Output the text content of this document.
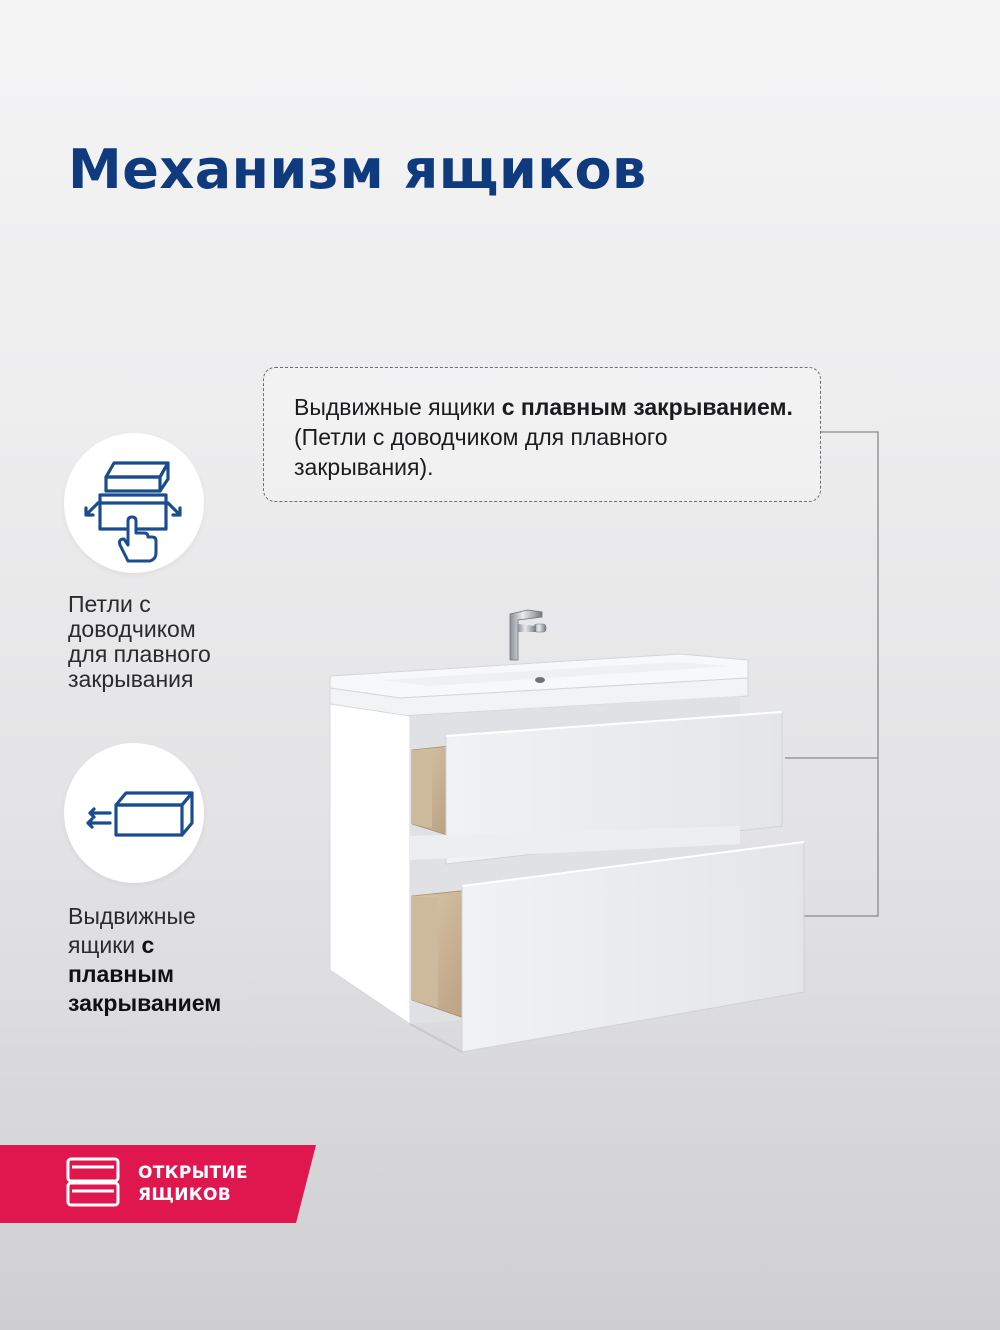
Механизм ящиков
Выдвижные ящики с плавным закрыванием. (Петли с доводчиком для плавного закрывания).
Петли с
доводчиком
для плавного
закрывания
Выдвижные
ящики с
плавным
закрыванием
ОТКРЫТИЕ
ЯЩИКОВ
